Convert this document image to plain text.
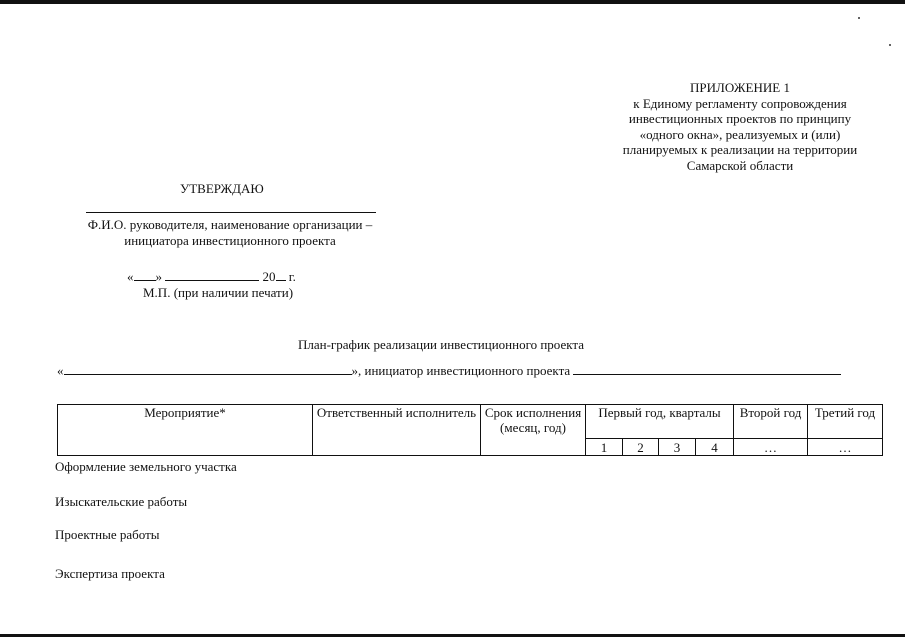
ПРИЛОЖЕНИЕ 1
к Единому регламенту сопровождения
инвестиционных проектов по принципу
«одного окна», реализуемых и (или)
планируемых к реализации на территории
Самарской области
УТВЕРЖДАЮ
Ф.И.О. руководителя, наименование организации –
инициатора инвестиционного проекта
« »	20 г.
М.П. (при наличии печати)
План-график реализации инвестиционного проекта
«	», инициатор инвестиционного проекта
Мероприятие*	Ответственный исполнитель	Срок исполнения (месяц, год)	Первый год, кварталы				Второй год	Третий год
			1	2	3	4	…	…
Оформление земельного участка
Изыскательские работы
Проектные работы
Экспертиза проекта
